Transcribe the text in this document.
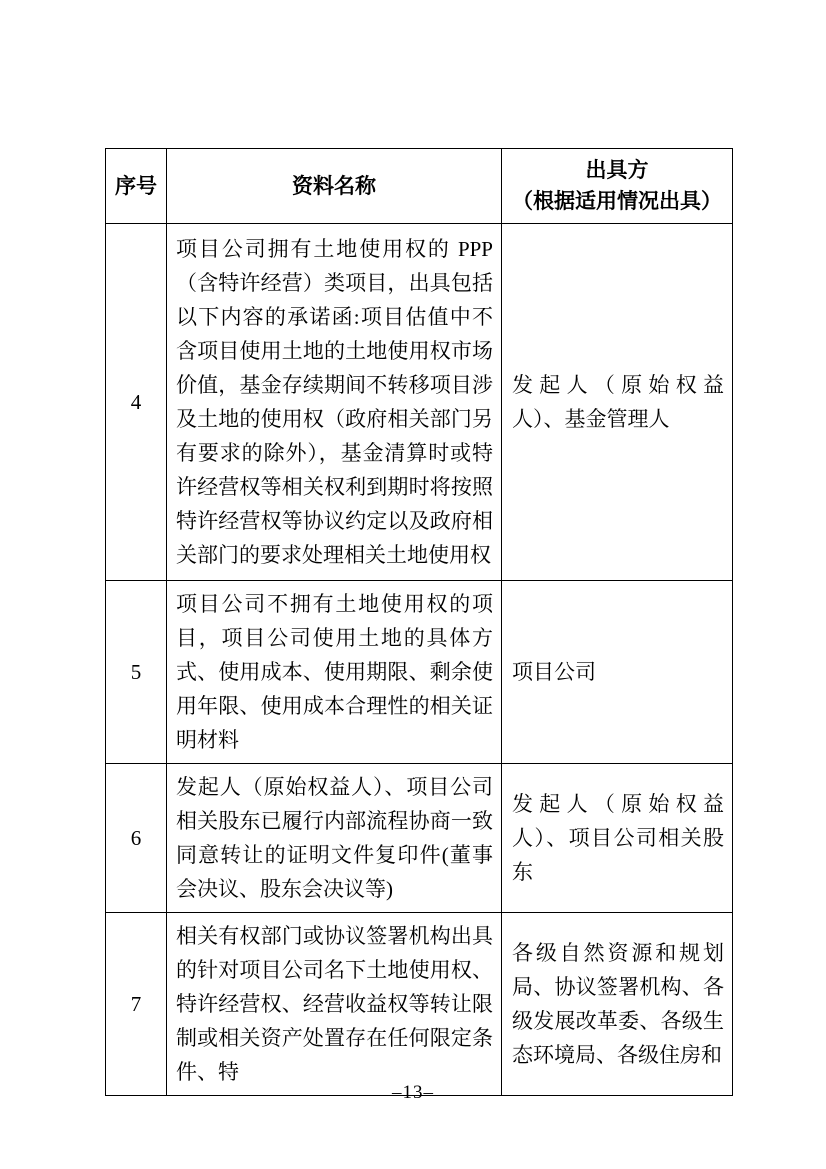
序号	资料名称	出具方
（根据适用情况出具）

4	项目公司拥有土地使用权的 PPP（含特许经营）类项目，出具包括以下内容的承诺函:项目估值中不含项目使用土地的土地使用权市场价值，基金存续期间不转移项目涉及土地的使用权（政府相关部门另有要求的除外），基金清算时或特许经营权等相关权利到期时将按照特许经营权等协议约定以及政府相关部门的要求处理相关土地使用权	发起人（原始权益人）、基金管理人
5	项目公司不拥有土地使用权的项目，项目公司使用土地的具体方式、使用成本、使用期限、剩余使用年限、使用成本合理性的相关证明材料	项目公司
6	发起人（原始权益人）、项目公司相关股东已履行内部流程协商一致同意转让的证明文件复印件(董事会决议、股东会决议等)	发起人（原始权益人）、项目公司相关股东
7	相关有权部门或协议签署机构出具的针对项目公司名下土地使用权、特许经营权、经营收益权等转让限制或相关资产处置存在任何限定条件、特	各级自然资源和规划局、协议签署机构、各级发展改革委、各级生态环境局、各级住房和
–13–
